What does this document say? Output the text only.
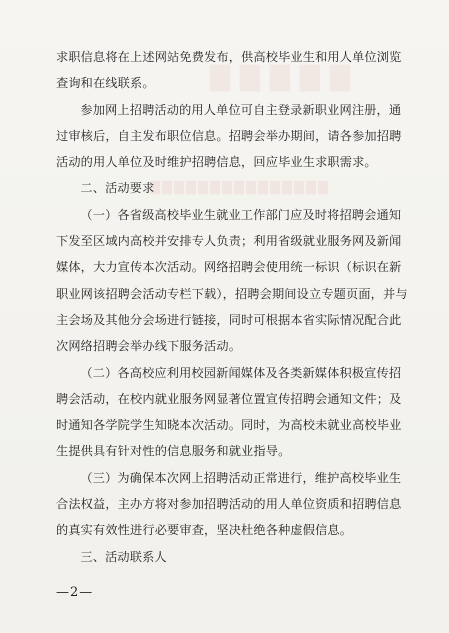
▇▇▇▇▇
▇▇▇▇▇▇▇▇▇▇▇▇▇▇▇

求职信息将在上述网站免费发布，供高校毕业生和用人单位浏览查询和在线联系。

参加网上招聘活动的用人单位可自主登录新职业网注册，通过审核后，自主发布职位信息。招聘会举办期间，请各参加招聘活动的用人单位及时维护招聘信息，回应毕业生求职需求。

二、活动要求

（一）各省级高校毕业生就业工作部门应及时将招聘会通知下发至区域内高校并安排专人负责；利用省级就业服务网及新闻媒体，大力宣传本次活动。网络招聘会使用统一标识（标识在新职业网该招聘会活动专栏下载），招聘会期间设立专题页面，并与主会场及其他分会场进行链接，同时可根据本省实际情况配合此次网络招聘会举办线下服务活动。

（二）各高校应利用校园新闻媒体及各类新媒体积极宣传招聘会活动，在校内就业服务网显著位置宣传招聘会通知文件；及时通知各学院学生知晓本次活动。同时，为高校未就业高校毕业生提供具有针对性的信息服务和就业指导。

（三）为确保本次网上招聘活动正常进行，维护高校毕业生合法权益，主办方将对参加招聘活动的用人单位资质和招聘信息的真实有效性进行必要审查，坚决杜绝各种虚假信息。

三、活动联系人

—2—
